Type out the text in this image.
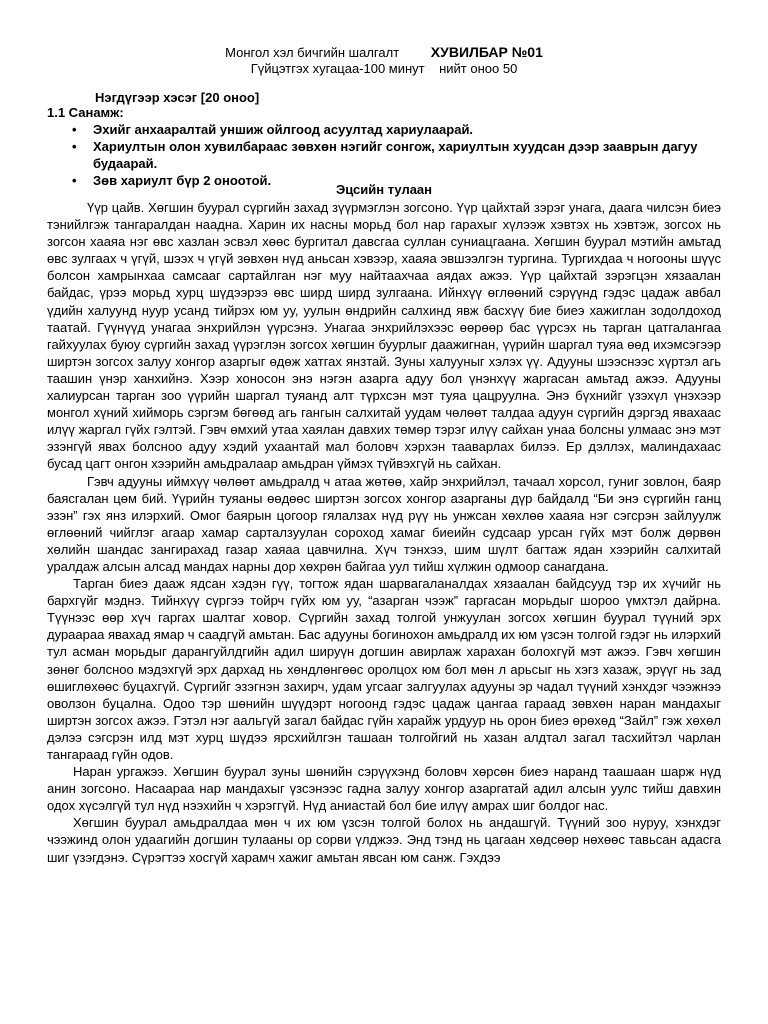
Монгол хэл бичгийн шалгалт ХУВИЛБАР №01
Гүйцэтгэх хугацаа-100 минут нийт оноо 50
Нэгдүгээр хэсэг [20 оноо]
1.1 Санамж:
• Эхийг анхааралтай уншиж ойлгоод асуултад хариулаарай.
• Хариултын олон хувилбараас зөвхөн нэгийг сонгож, хариултын хуудсан дээр зааврын дагуу будаарай.
• Зөв хариулт бүр 2 оноотой.
Эцсийн тулаан

Үүр цайв. Хөгшин буурал сүргийн захад зүүрмэглэн зогсоно. Үүр цайхтай зэрэг унага, даага чилсэн биеэ тэнийлгэж тангаралдан наадна. Харин их насны морьд бол нар гарахыг хүлээж хэвтэх нь хэвтэж, зогсох нь зогсон хааяа нэг өвс хазлан эсвэл хөөс бургитал давсгаа суллан суниацгаана. Хөгшин буурал мэтийн амьтад өвс зулгаах ч үгүй, шээх ч үгүй зөвхөн нүд аньсан хэвээр, хааяа эвшээлгэн тургина. Тургихдаа ч ногооны шүүс болсон хамрынхаа самсааг сартайлган нэг муу найтаахчаа аядах ажээ. Үүр цайхтай зэрэгцэн хязаалан байдас, үрээ морьд хурц шүдээрээ өвс ширд ширд зулгаана. Ийнхүү өглөөний сэрүүнд гэдэс цадаж авбал үдийн халуунд нуур усанд тийрэх юм уу, уулын өндрийн салхинд явж басхүү бие биеэ хажиглан зодолдоход таатай. Гүүнүүд унагаа энхрийлэн үүрсэнэ. Унагаа энхрийлэхээс өөрөөр бас үүрсэх нь тарган цатгалангаа гайхуулах буюу сүргийн захад үүрэглэн зогсох хөгшин буурлыг даажигнан, үүрийн шаргал туяа өөд ихэмсэгээр ширтэн зогсох залуу хонгор азаргыг өдөж хатгах янзтай. Зуны халууныг хэлэх үү. Адууны шээснээс хүртэл агь таашин үнэр ханхийнэ. Хээр хоносон энэ нэгэн азарга адуу бол үнэнхүү жаргасан амьтад ажээ. Адууны халиурсан тарган зоо үүрийн шаргал туяанд алт түрхсэн мэт туяа цацруулна. Энэ бүхнийг үзэхүл үнэхээр монгол хүний хийморь сэргэм бөгөөд агь гангын салхитай уудам чөлөөт талдаа адуун сүргийн дэргэд явахаас илүү жаргал гүйх гэлтэй. Гэвч өмхий утаа хаялан давхих төмөр тэрэг илүү сайхан унаа болсны улмаас энэ мэт эзэнгүй явах болсноо адуу хэдий ухаантай мал боловч хэрхэн тааварлах билээ. Ер дэллэх, малиндахаас бусад цагт онгон хээрийн амьдралаар амьдран үймэх түйвэхгүй нь сайхан.

Гэвч адууны иймхүү чөлөөт амьдралд ч атаа жөтөө, хайр энхрийлэл, тачаал хорсол, гуниг зовлон, баяр баясгалан цөм бий. Үүрийн туяаны өөдөөс ширтэн зогсох хонгор азарганы дүр байдалд “Би энэ сүргийн ганц эзэн” гэх янз илэрхий. Омог баярын цогоор гялалзах нүд рүү нь унжсан хөхлөө хааяа нэг сэгсрэн зайлуулж өглөөний чийглэг агаар хамар сарталзуулан сороход хамаг биеийн судсаар урсан гүйх мэт болж дөрвөн хөлийн шандас зангирахад газар хаяаа цавчилна. Хүч тэнхээ, шим шүлт багтаж ядан хээрийн салхитай уралдаж алсын алсад мандах нарны дор хөхрөн байгаа уул тийш хүлжин одмоор санагдана.

Тарган биеэ дааж ядсан хэдэн гүү, тогтож ядан шарвагаланалдах хязаалан байдсууд тэр их хүчийг нь бархгүйг мэднэ. Тийнхүү сүргээ тойрч гүйх юм уу, “азарган чээж” гаргасан морьдыг шороо үмхтэл дайрна. Түүнээс өөр хүч гаргах шалтаг ховор. Сүргийн захад толгой унжуулан зогсох хөгшин буурал түүний эрх дураараа явахад ямар ч саадгүй амьтан. Бас адууны богинохон амьдралд их юм үзсэн толгой гэдэг нь илэрхий тул асман морьдыг дарангуйлдгийн адил шируүн догшин авирлаж харахан болохгүй мэт ажээ. Гэвч хөгшин зөнөг болсноо мэдэхгүй эрх дархад нь хөндлөнгөөс оролцох юм бол мөн л арьсыг нь хэгз хазаж, эрүүг нь зад өшиглөхөөс буцахгүй. Сүргийг эзэгнэн захирч, удам угсааг залгуулах адууны эр чадал түүний хэнхдэг чээжнээ оволзон буцална. Одоо тэр шөнийн шүүдэрт ногоонд гэдэс цадаж цангаа гараад зөвхөн наран мандахыг ширтэн зогсох ажээ. Гэтэл нэг аальгүй загал байдас гүйн харайж урдуур нь орон биеэ өрөхөд “Зайл” гэж хөхөл дэлээ сэгсрэн илд мэт хурц шүдээ ярсхийлгэн ташаан толгойгий нь хазан алдтал загал тасхийтэл чарлан тангараад гүйн одов.

Наран ургажээ. Хөгшин буурал зуны шөнийн сэрүүхэнд боловч хөрсөн биеэ наранд таашаан шарж нүд анин зогсоно. Насаараа нар мандахыг үзсэнээс гадна залуу хонгор азаргатай адил алсын уулс тийш давхин одох хүсэлгүй тул нүд нээхийн ч хэрэггүй. Нүд аниастай бол бие илүү амрах шиг болдог нас.

Хөгшин буурал амьдралдаа мөн ч их юм үзсэн толгой болох нь андашгүй. Түүний зоо нуруу, хэнхдэг чээжинд олон удаагийн догшин тулааны ор сорви үлджээ. Энд тэнд нь цагаан хөдсөөр нөхөөс тавьсан адасга шиг үзэгдэнэ. Сүрэгтээ хосгүй харамч хажиг амьтан явсан юм санж. Гэхдээ
